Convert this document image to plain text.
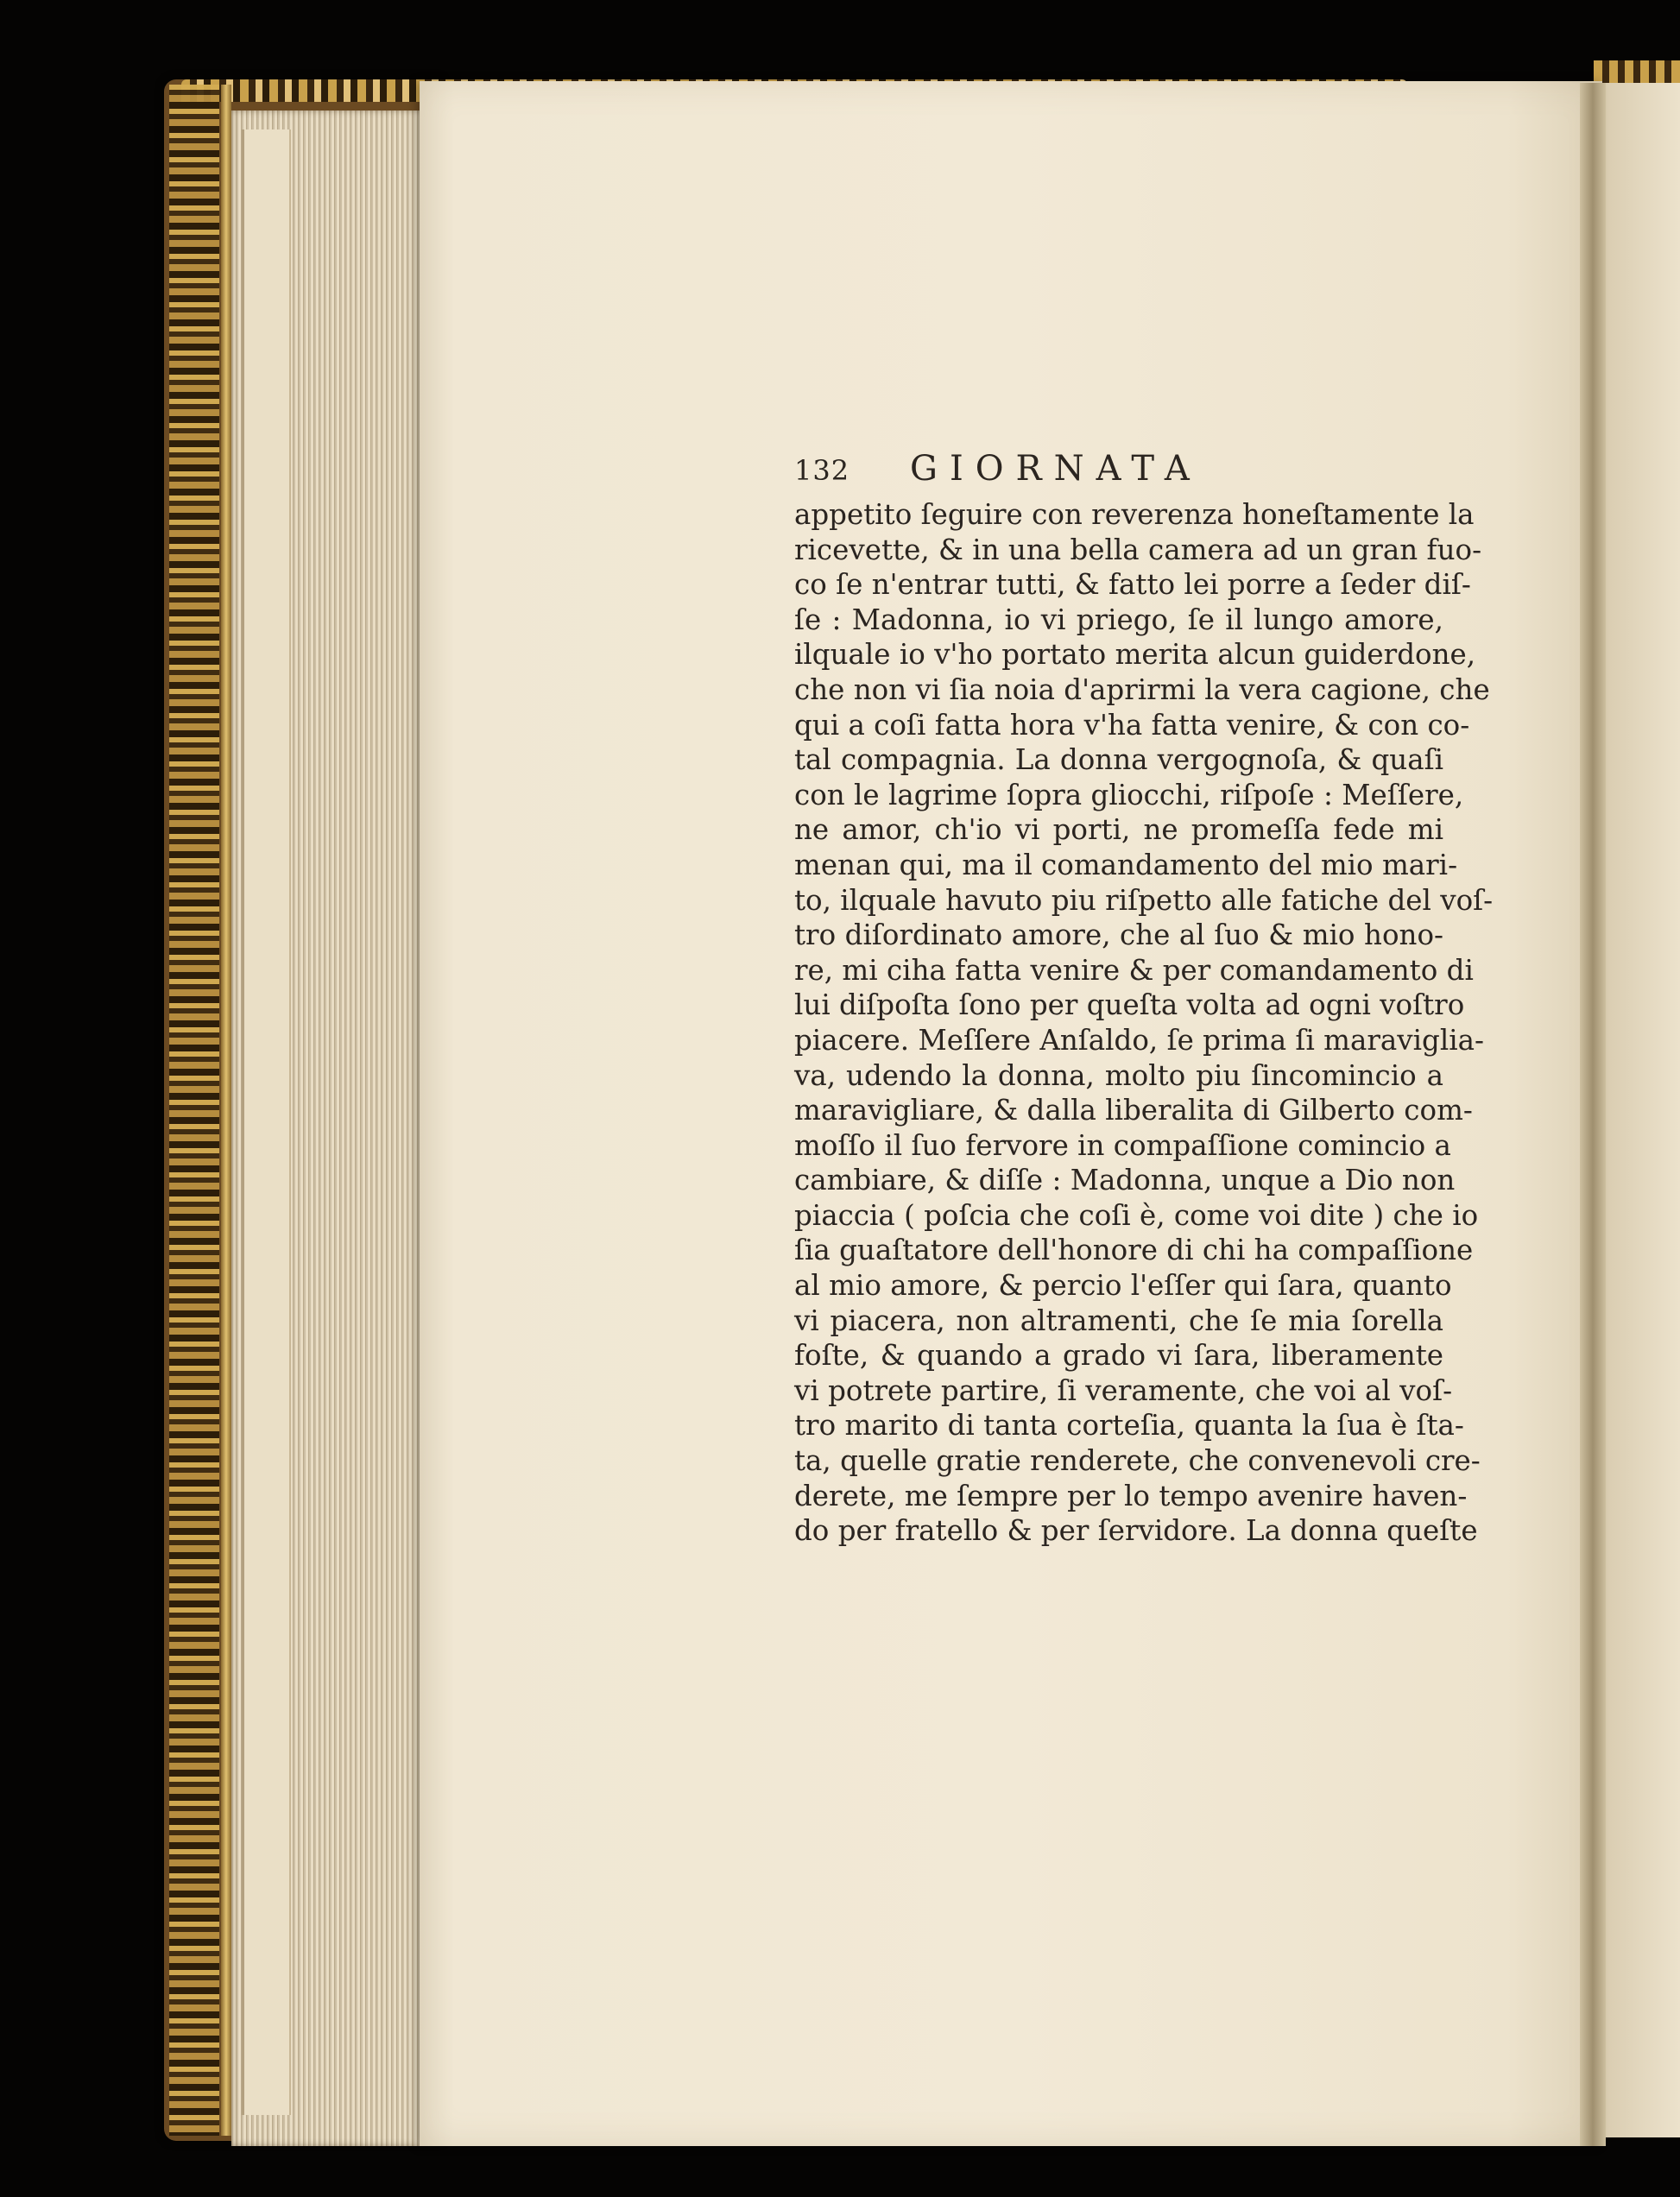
132 GIORNATA
appetito ſeguire con reverenza honeſtamente la
ricevette, & in una bella camera ad un gran fuo-
co ſe n'entrar tutti, & fatto lei porre a ſeder diſ-
ſe : Madonna, io vi priego, ſe il lungo amore,
ilquale io v'ho portato merita alcun guiderdone,
che non vi ſia noia d'aprirmi la vera cagione, che
qui a coſi fatta hora v'ha fatta venire, & con co-
tal compagnia. La donna vergognoſa, & quaſi
con le lagrime ſopra gliocchi, riſpoſe : Meſſere,
ne amor, ch'io vi porti, ne promeſſa fede mi
menan qui, ma il comandamento del mio mari-
to, ilquale havuto piu riſpetto alle fatiche del voſ-
tro diſordinato amore, che al ſuo & mio hono-
re, mi ciha fatta venire & per comandamento di
lui diſpoſta ſono per queſta volta ad ogni voſtro
piacere. Meſſere Anſaldo, ſe prima ſi maraviglia-
va, udendo la donna, molto piu ſincomincio a
maravigliare, & dalla liberalita di Gilberto com-
moſſo il ſuo fervore in compaſſione comincio a
cambiare, & diſſe : Madonna, unque a Dio non
piaccia ( poſcia che coſi è, come voi dite ) che io
ſia guaſtatore dell'honore di chi ha compaſſione
al mio amore, & percio l'eſſer qui ſara, quanto
vi piacera, non altramenti, che ſe mia ſorella
foſte, & quando a grado vi ſara, liberamente
vi potrete partire, ſi veramente, che voi al voſ-
tro marito di tanta corteſia, quanta la ſua è ſta-
ta, quelle gratie renderete, che convenevoli cre-
derete, me ſempre per lo tempo avenire haven-
do per fratello & per ſervidore. La donna queſte
